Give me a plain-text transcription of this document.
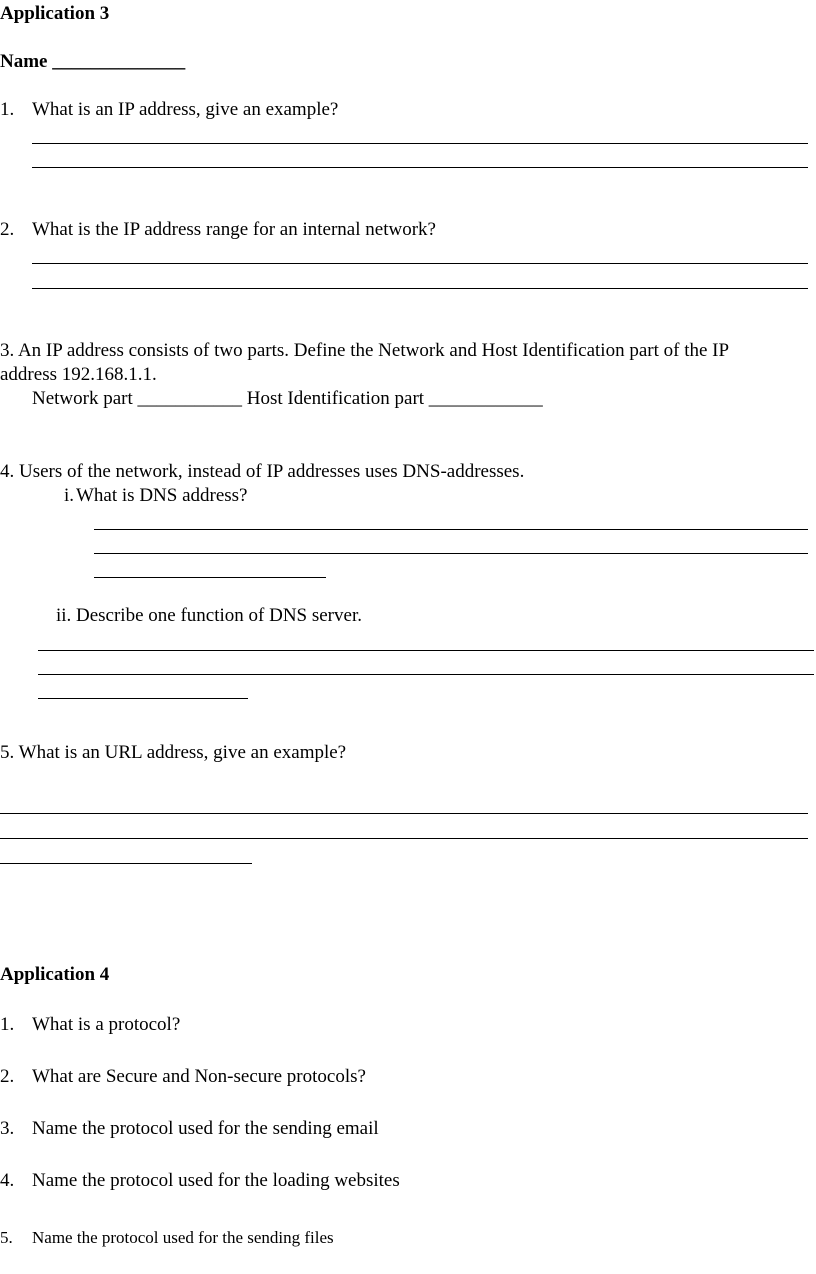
Application 3
Name ______________
1. What is an IP address, give an example?
2. What is the IP address range for an internal network?
3. An IP address consists of two parts. Define the Network and Host Identification part of the IP
address 192.168.1.1.
Network part ___________ Host Identification part ____________
4. Users of the network, instead of IP addresses uses DNS-addresses.
i. What is DNS address?
ii. Describe one function of DNS server.
5. What is an URL address, give an example?
Application 4
1. What is a protocol?
2. What are Secure and Non-secure protocols?
3. Name the protocol used for the sending email
4. Name the protocol used for the loading websites
5. Name the protocol used for the sending files
